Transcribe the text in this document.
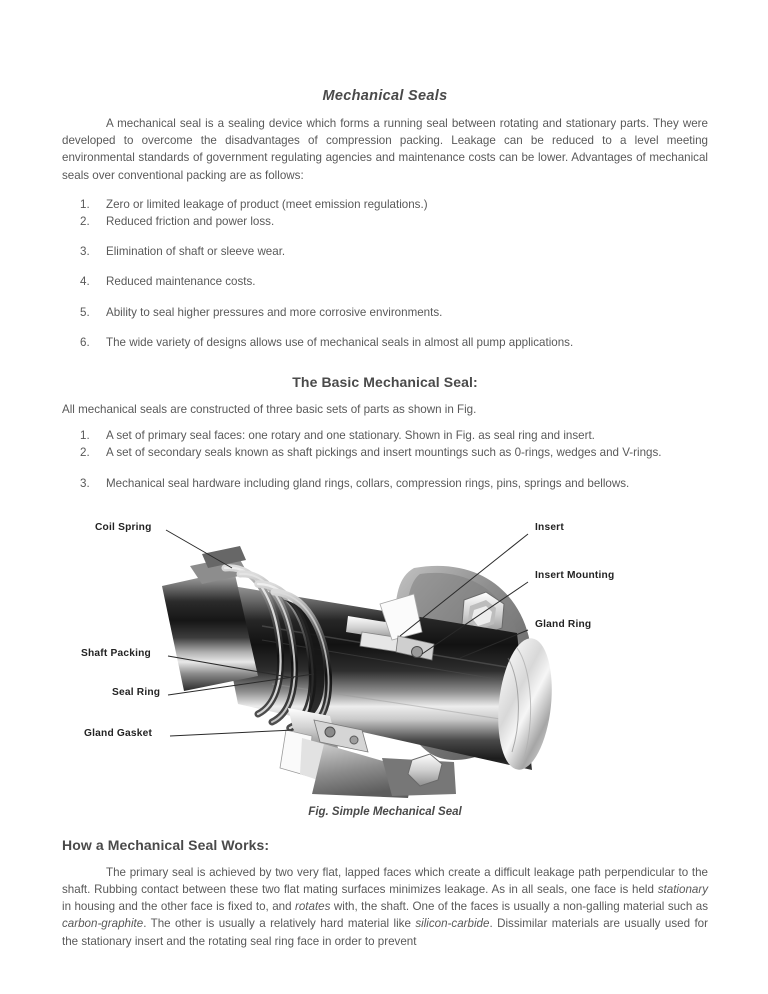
Mechanical Seals

A mechanical seal is a sealing device which forms a running seal between rotating and stationary parts. They were developed to overcome the disadvantages of compression packing. Leakage can be reduced to a level meeting environmental standards of government regulating agencies and maintenance costs can be lower. Advantages of mechanical seals over conventional packing are as follows:

1.	Zero or limited leakage of product (meet emission regulations.)
2.	Reduced friction and power loss.
3.	Elimination of shaft or sleeve wear.
4.	Reduced maintenance costs.
5.	Ability to seal higher pressures and more corrosive environments.
6.	The wide variety of designs allows use of mechanical seals in almost all pump applications.
The Basic Mechanical Seal:

All mechanical seals are constructed of three basic sets of parts as shown in Fig.

1.	A set of primary seal faces: one rotary and one stationary. Shown in Fig. as seal ring and insert.
2.	A set of secondary seals known as shaft pickings and insert mountings such as 0-rings, wedges and V-rings.
3.	Mechanical seal hardware including gland rings, collars, compression rings, pins, springs and bellows.
Coil Spring
Shaft Packing
Seal Ring
Gland Gasket
Insert
Insert Mounting
Gland Ring

Fig. Simple Mechanical Seal

How a Mechanical Seal Works:

The primary seal is achieved by two very flat, lapped faces which create a difficult leakage path perpendicular to the shaft. Rubbing contact between these two flat mating surfaces minimizes leakage. As in all seals, one face is held stationary in housing and the other face is fixed to, and rotates with, the shaft. One of the faces is usually a non-galling material such as carbon-graphite. The other is usually a relatively hard material like silicon-carbide. Dissimilar materials are usually used for the stationary insert and the rotating seal ring face in order to prevent
